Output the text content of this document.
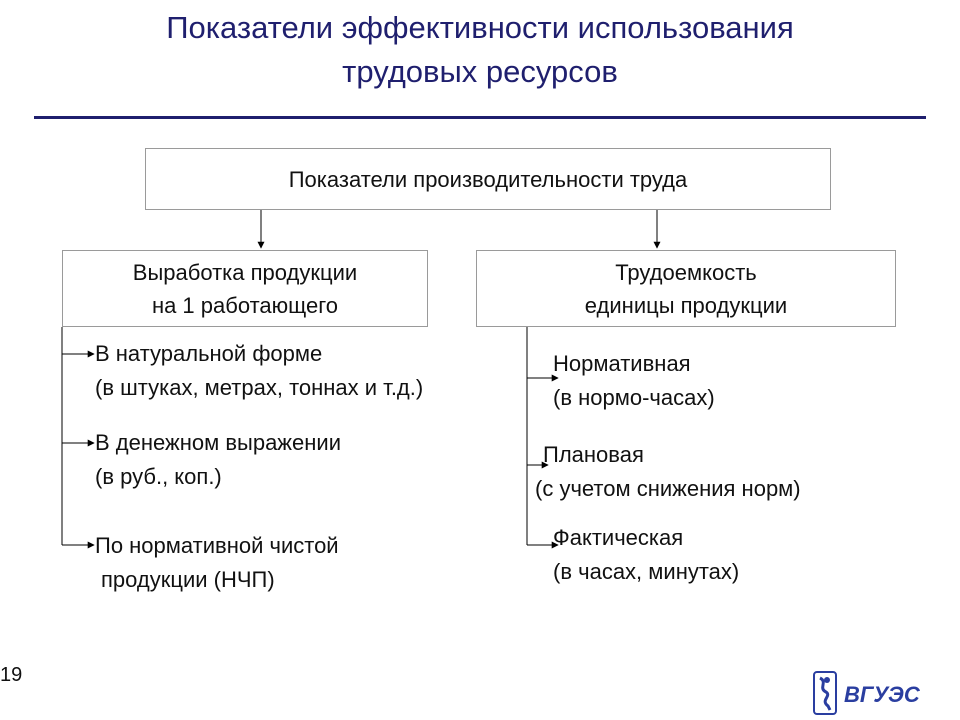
Показатели эффективности использования
трудовых ресурсов
Показатели производительности труда
Выработка продукции
на 1 работающего
Трудоемкость
единицы продукции
В натуральной форме
(в штуках, метрах, тоннах и т.д.)
В денежном выражении
(в руб., коп.)
По нормативной чистой
продукции (НЧП)
Нормативная
(в нормо-часах)
Плановая
(с учетом снижения норм)
Фактическая
(в часах, минутах)
19
ВГУЭС
